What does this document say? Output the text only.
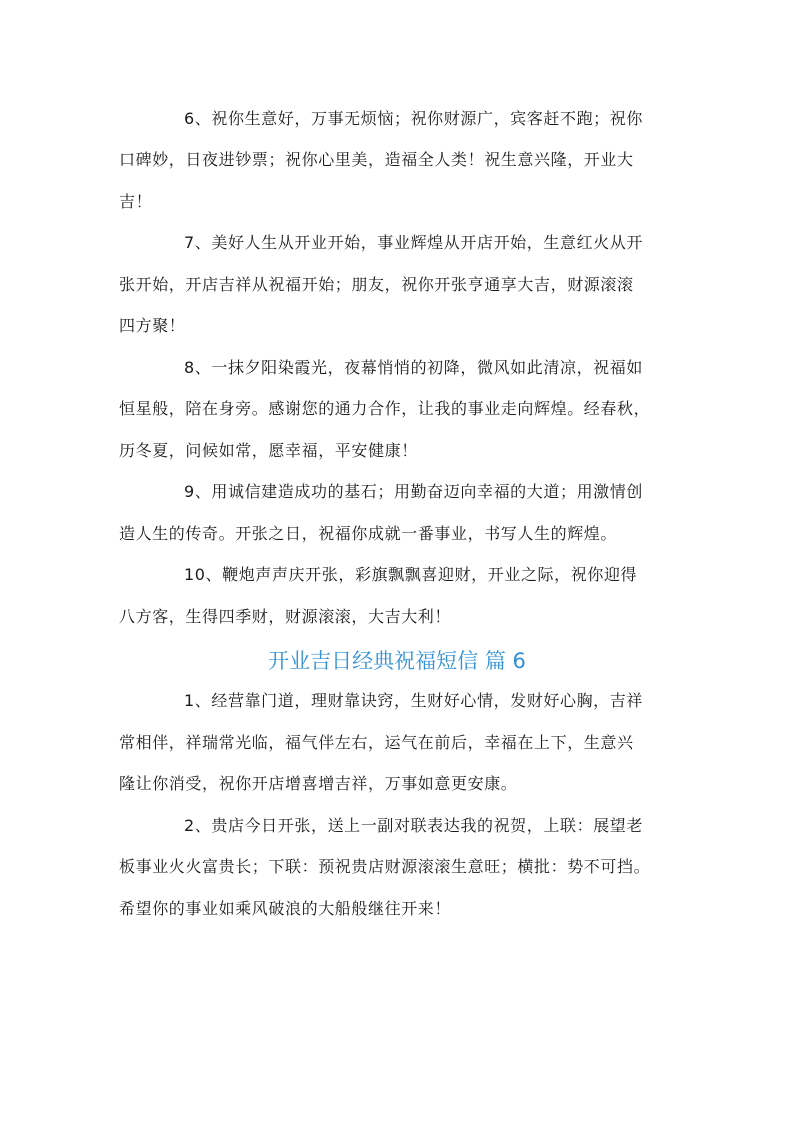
6、祝你生意好，万事无烦恼；祝你财源广，宾客赶不跑；祝你
口碑妙，日夜进钞票；祝你心里美，造福全人类！祝生意兴隆，开业大
吉！
7、美好人生从开业开始，事业辉煌从开店开始，生意红火从开
张开始，开店吉祥从祝福开始；朋友，祝你开张亨通享大吉，财源滚滚
四方聚！
8、一抹夕阳染霞光，夜幕悄悄的初降，微风如此清凉，祝福如
恒星般，陪在身旁。感谢您的通力合作，让我的事业走向辉煌。经春秋，
历冬夏，问候如常，愿幸福，平安健康！
9、用诚信建造成功的基石；用勤奋迈向幸福的大道；用激情创
造人生的传奇。开张之日，祝福你成就一番事业，书写人生的辉煌。
10、鞭炮声声庆开张，彩旗飘飘喜迎财，开业之际，祝你迎得
八方客，生得四季财，财源滚滚，大吉大利！
开业吉日经典祝福短信 篇 6
1、经营靠门道，理财靠诀窍，生财好心情，发财好心胸，吉祥
常相伴，祥瑞常光临，福气伴左右，运气在前后，幸福在上下，生意兴
隆让你消受，祝你开店增喜增吉祥，万事如意更安康。
2、贵店今日开张，送上一副对联表达我的祝贺，上联：展望老
板事业火火富贵长；下联：预祝贵店财源滚滚生意旺；横批：势不可挡。
希望你的事业如乘风破浪的大船般继往开来！
